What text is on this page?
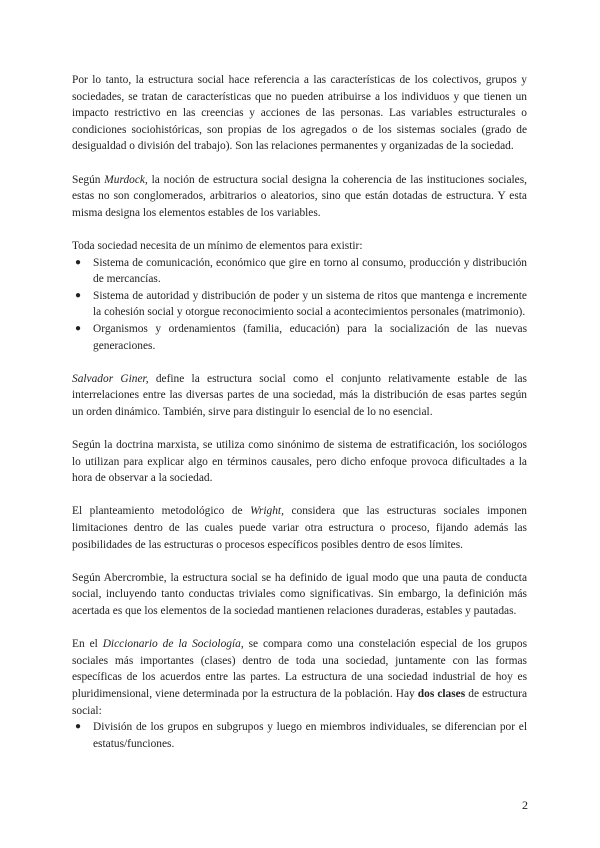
Por lo tanto, la estructura social hace referencia a las características de los colectivos, grupos y sociedades, se tratan de características que no pueden atribuirse a los individuos y que tienen un impacto restrictivo en las creencias y acciones de las personas. Las variables estructurales o condiciones sociohistóricas, son propias de los agregados o de los sistemas sociales (grado de desigualdad o división del trabajo). Son las relaciones permanentes y organizadas de la sociedad.

Según Murdock, la noción de estructura social designa la coherencia de las instituciones sociales, estas no son conglomerados, arbitrarios o aleatorios, sino que están dotadas de estructura. Y esta misma designa los elementos estables de los variables.

Toda sociedad necesita de un mínimo de elementos para existir:

● Sistema de comunicación, económico que gire en torno al consumo, producción y distribución de mercancías.
● Sistema de autoridad y distribución de poder y un sistema de ritos que mantenga e incremente la cohesión social y otorgue reconocimiento social a acontecimientos personales (matrimonio).
● Organismos y ordenamientos (familia, educación) para la socialización de las nuevas generaciones.

Salvador Giner, define la estructura social como el conjunto relativamente estable de las interrelaciones entre las diversas partes de una sociedad, más la distribución de esas partes según un orden dinámico. También, sirve para distinguir lo esencial de lo no esencial.

Según la doctrina marxista, se utiliza como sinónimo de sistema de estratificación, los sociólogos lo utilizan para explicar algo en términos causales, pero dicho enfoque provoca dificultades a la hora de observar a la sociedad.

El planteamiento metodológico de Wright, considera que las estructuras sociales imponen limitaciones dentro de las cuales puede variar otra estructura o proceso, fijando además las posibilidades de las estructuras o procesos específicos posibles dentro de esos límites.

Según Abercrombie, la estructura social se ha definido de igual modo que una pauta de conducta social, incluyendo tanto conductas triviales como significativas. Sin embargo, la definición más acertada es que los elementos de la sociedad mantienen relaciones duraderas, estables y pautadas.

En el Diccionario de la Sociología, se compara como una constelación especial de los grupos sociales más importantes (clases) dentro de toda una sociedad, juntamente con las formas específicas de los acuerdos entre las partes. La estructura de una sociedad industrial de hoy es pluridimensional, viene determinada por la estructura de la población. Hay dos clases de estructura social:

● División de los grupos en subgrupos y luego en miembros individuales, se diferencian por el estatus/funciones.
2
